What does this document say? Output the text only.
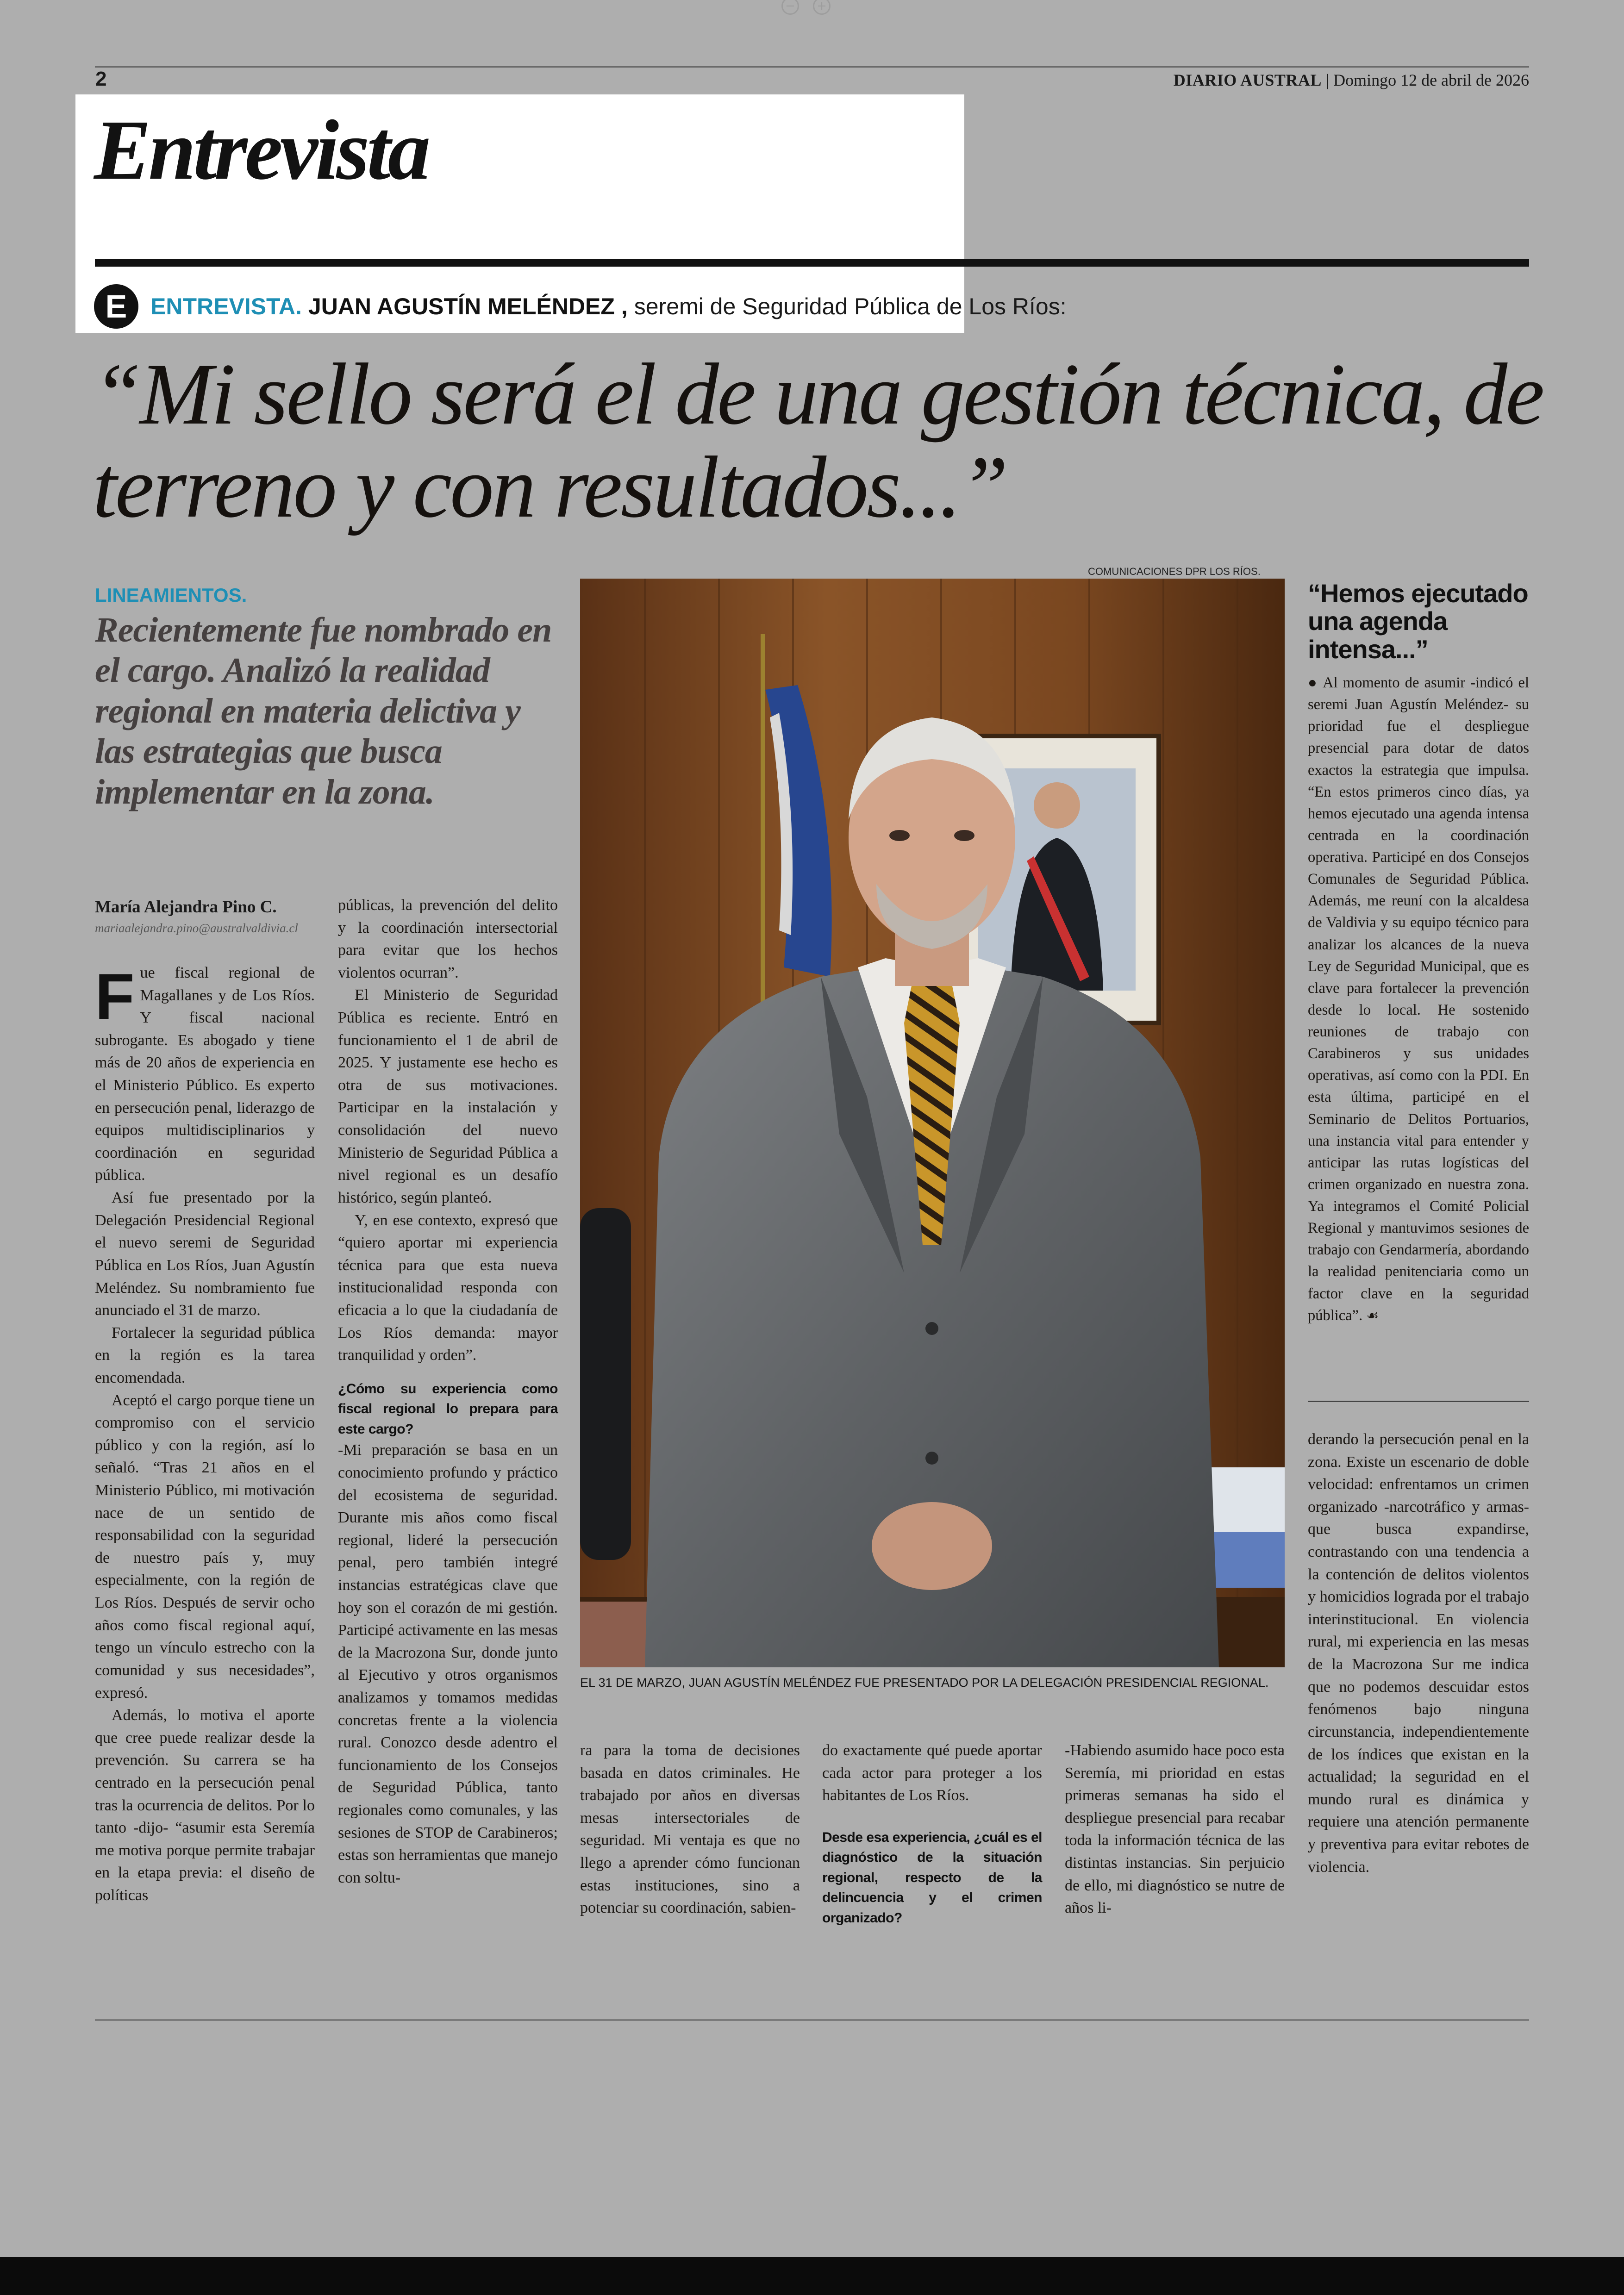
−	+
2	DIARIO AUSTRAL | Domingo 12 de abril de 2026
Entrevista
E	ENTREVISTA. JUAN AGUSTÍN MELÉNDEZ , seremi de Seguridad Pública de Los Ríos:
“Mi sello será el de una gestión técnica, de terreno y con resultados...”
LINEAMIENTOS.
Recientemente fue nombrado en el cargo. Analizó la realidad regional en materia delictiva y las estrategias que busca implementar en la zona.
María Alejandra Pino C.
mariaalejandra.pino@australvaldivia.cl
COMUNICACIONES DPR LOS RÍOS.
EL 31 DE MARZO, JUAN AGUSTÍN MELÉNDEZ FUE PRESENTADO POR LA DELEGACIÓN PRESIDENCIAL REGIONAL.

Fue fiscal regional de Magallanes y de Los Ríos. Y fiscal nacional subrogante. Es abogado y tiene más de 20 años de experiencia en el Ministerio Público. Es experto en persecución penal, liderazgo de equipos multidisciplinarios y coordinación en seguridad pública.

Así fue presentado por la Delegación Presidencial Regional el nuevo seremi de Seguridad Pública en Los Ríos, Juan Agustín Meléndez. Su nombramiento fue anunciado el 31 de marzo.

Fortalecer la seguridad pública en la región es la tarea encomendada.

Aceptó el cargo porque tiene un compromiso con el servicio público y con la región, así lo señaló. “Tras 21 años en el Ministerio Público, mi motivación nace de un sentido de responsabilidad con la seguridad de nuestro país y, muy especialmente, con la región de Los Ríos. Después de servir ocho años como fiscal regional aquí, tengo un vínculo estrecho con la comunidad y sus necesidades”, expresó.

Además, lo motiva el aporte que cree puede realizar desde la prevención. Su carrera se ha centrado en la persecución penal tras la ocurrencia de delitos. Por lo tanto -dijo- “asumir esta Seremía me motiva porque permite trabajar en la etapa previa: el diseño de políticas

públicas, la prevención del delito y la coordinación intersectorial para evitar que los hechos violentos ocurran”.

El Ministerio de Seguridad Pública es reciente. Entró en funcionamiento el 1 de abril de 2025. Y justamente ese hecho es otra de sus motivaciones. Participar en la instalación y consolidación del nuevo Ministerio de Seguridad Pública a nivel regional es un desafío histórico, según planteó.

Y, en ese contexto, expresó que “quiero aportar mi experiencia técnica para que esta nueva institucionalidad responda con eficacia a lo que la ciudadanía de Los Ríos demanda: mayor tranquilidad y orden”.

¿Cómo su experiencia como fiscal regional lo prepara para este cargo?

-Mi preparación se basa en un conocimiento profundo y práctico del ecosistema de seguridad. Durante mis años como fiscal regional, lideré la persecución penal, pero también integré instancias estratégicas clave que hoy son el corazón de mi gestión. Participé activamente en las mesas de la Macrozona Sur, donde junto al Ejecutivo y otros organismos analizamos y tomamos medidas concretas frente a la violencia rural. Conozco desde adentro el funcionamiento de los Consejos de Seguridad Pública, tanto regionales como comunales, y las sesiones de STOP de Carabineros; estas son herramientas que manejo con soltu-

ra para la toma de decisiones basada en datos criminales. He trabajado por años en diversas mesas intersectoriales de seguridad. Mi ventaja es que no llego a aprender cómo funcionan estas instituciones, sino a potenciar su coordinación, sabien-

do exactamente qué puede aportar cada actor para proteger a los habitantes de Los Ríos.

Desde esa experiencia, ¿cuál es el diagnóstico de la situación regional, respecto de la delincuencia y el crimen organizado?

-Habiendo asumido hace poco esta Seremía, mi prioridad en estas primeras semanas ha sido el despliegue presencial para recabar toda la información técnica de las distintas instancias. Sin perjuicio de ello, mi diagnóstico se nutre de años li-

“Hemos ejecutado una agenda intensa...”

● Al momento de asumir -indicó el seremi Juan Agustín Meléndez- su prioridad fue el despliegue presencial para dotar de datos exactos la estrategia que impulsa. “En estos primeros cinco días, ya hemos ejecutado una agenda intensa centrada en la coordinación operativa. Participé en dos Consejos Comunales de Seguridad Pública. Además, me reuní con la alcaldesa de Valdivia y su equipo técnico para analizar los alcances de la nueva Ley de Seguridad Municipal, que es clave para fortalecer la prevención desde lo local. He sostenido reuniones de trabajo con Carabineros y sus unidades operativas, así como con la PDI. En esta última, participé en el Seminario de Delitos Portuarios, una instancia vital para entender y anticipar las rutas logísticas del crimen organizado en nuestra zona. Ya integramos el Comité Policial Regional y mantuvimos sesiones de trabajo con Gendarmería, abordando la realidad penitenciaria como un factor clave en la seguridad pública”. ☙

derando la persecución penal en la zona. Existe un escenario de doble velocidad: enfrentamos un crimen organizado -narcotráfico y armas- que busca expandirse, contrastando con una tendencia a la contención de delitos violentos y homicidios lograda por el trabajo interinstitucional. En violencia rural, mi experiencia en las mesas de la Macrozona Sur me indica que no podemos descuidar estos fenómenos bajo ninguna circunstancia, independientemente de los índices que existan en la actualidad; la seguridad en el mundo rural es dinámica y requiere una atención permanente y preventiva para evitar rebotes de violencia.
